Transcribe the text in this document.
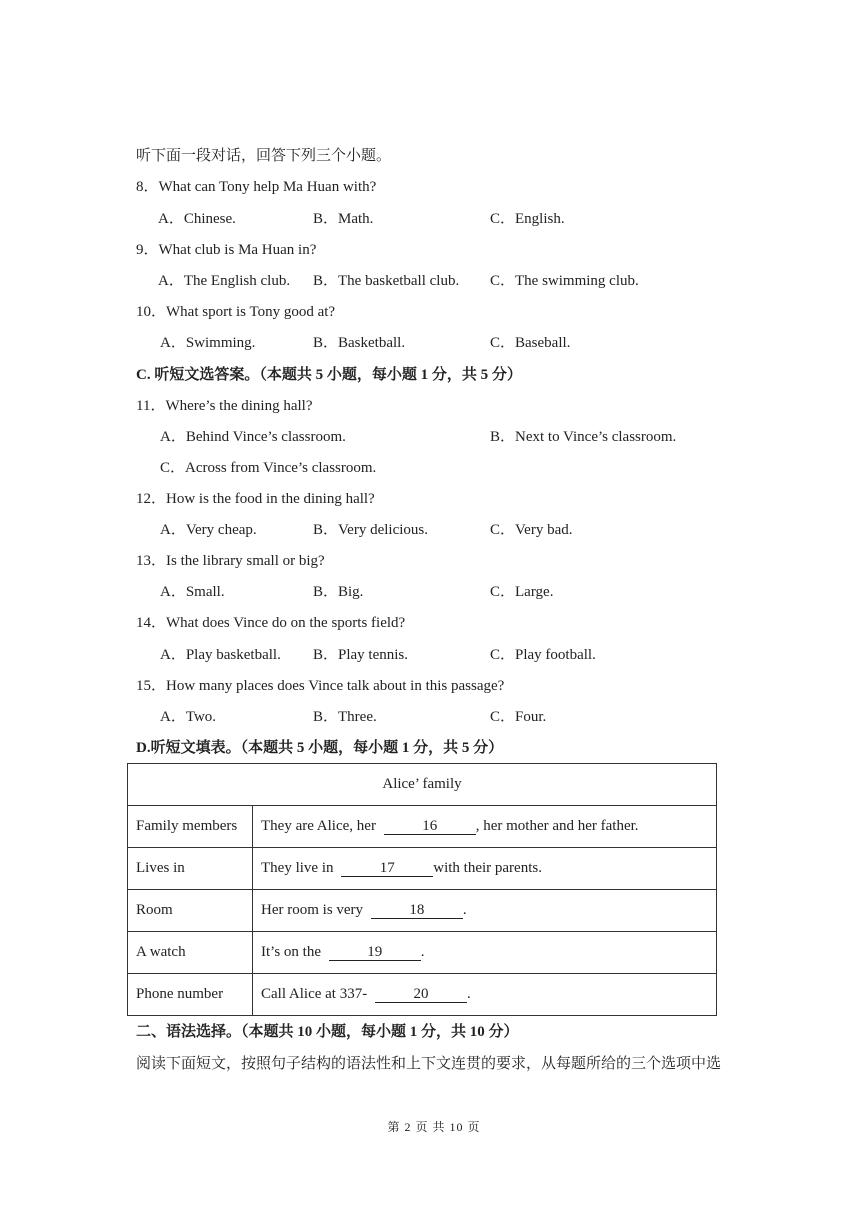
听下面一段对话，回答下列三个小题。
8．What can Tony help Ma Huan with?
A．Chinese.	B．Math.	C．English.
9．What club is Ma Huan in?
A．The English club. B．The basketball club. C．The swimming club.
10．What sport is Tony good at?
A．Swimming.	B．Basketball.	C．Baseball.
C. 听短文选答案。（本题共 5 小题，每小题 1 分，共 5 分）
11．Where’s the dining hall?
A．Behind Vince’s classroom.	B．Next to Vince’s classroom.
C．Across from Vince’s classroom.
12．How is the food in the dining hall?
A．Very cheap.	B．Very delicious.	C．Very bad.
13．Is the library small or big?
A．Small.	B．Big.	C．Large.
14．What does Vince do on the sports field?
A．Play basketball. B．Play tennis.	C．Play football.
15．How many places does Vince talk about in this passage?
A．Two.	B．Three.	C．Four.
D.听短文填表。（本题共 5 小题，每小题 1 分，共 5 分）
Alice’ family	
Family members	They are Alice, her 16 , her mother and her father.
Lives in	They live in 17 with their parents.
Room	Her room is very 18 .
A watch	It’s on the 19 .
Phone number	Call Alice at 337- 20 .
二、语法选择。（本题共 10 小题，每小题 1 分，共 10 分）
阅读下面短文，按照句子结构的语法性和上下文连贯的要求，从每题所给的三个选项中选
第 2 页 共 10 页
